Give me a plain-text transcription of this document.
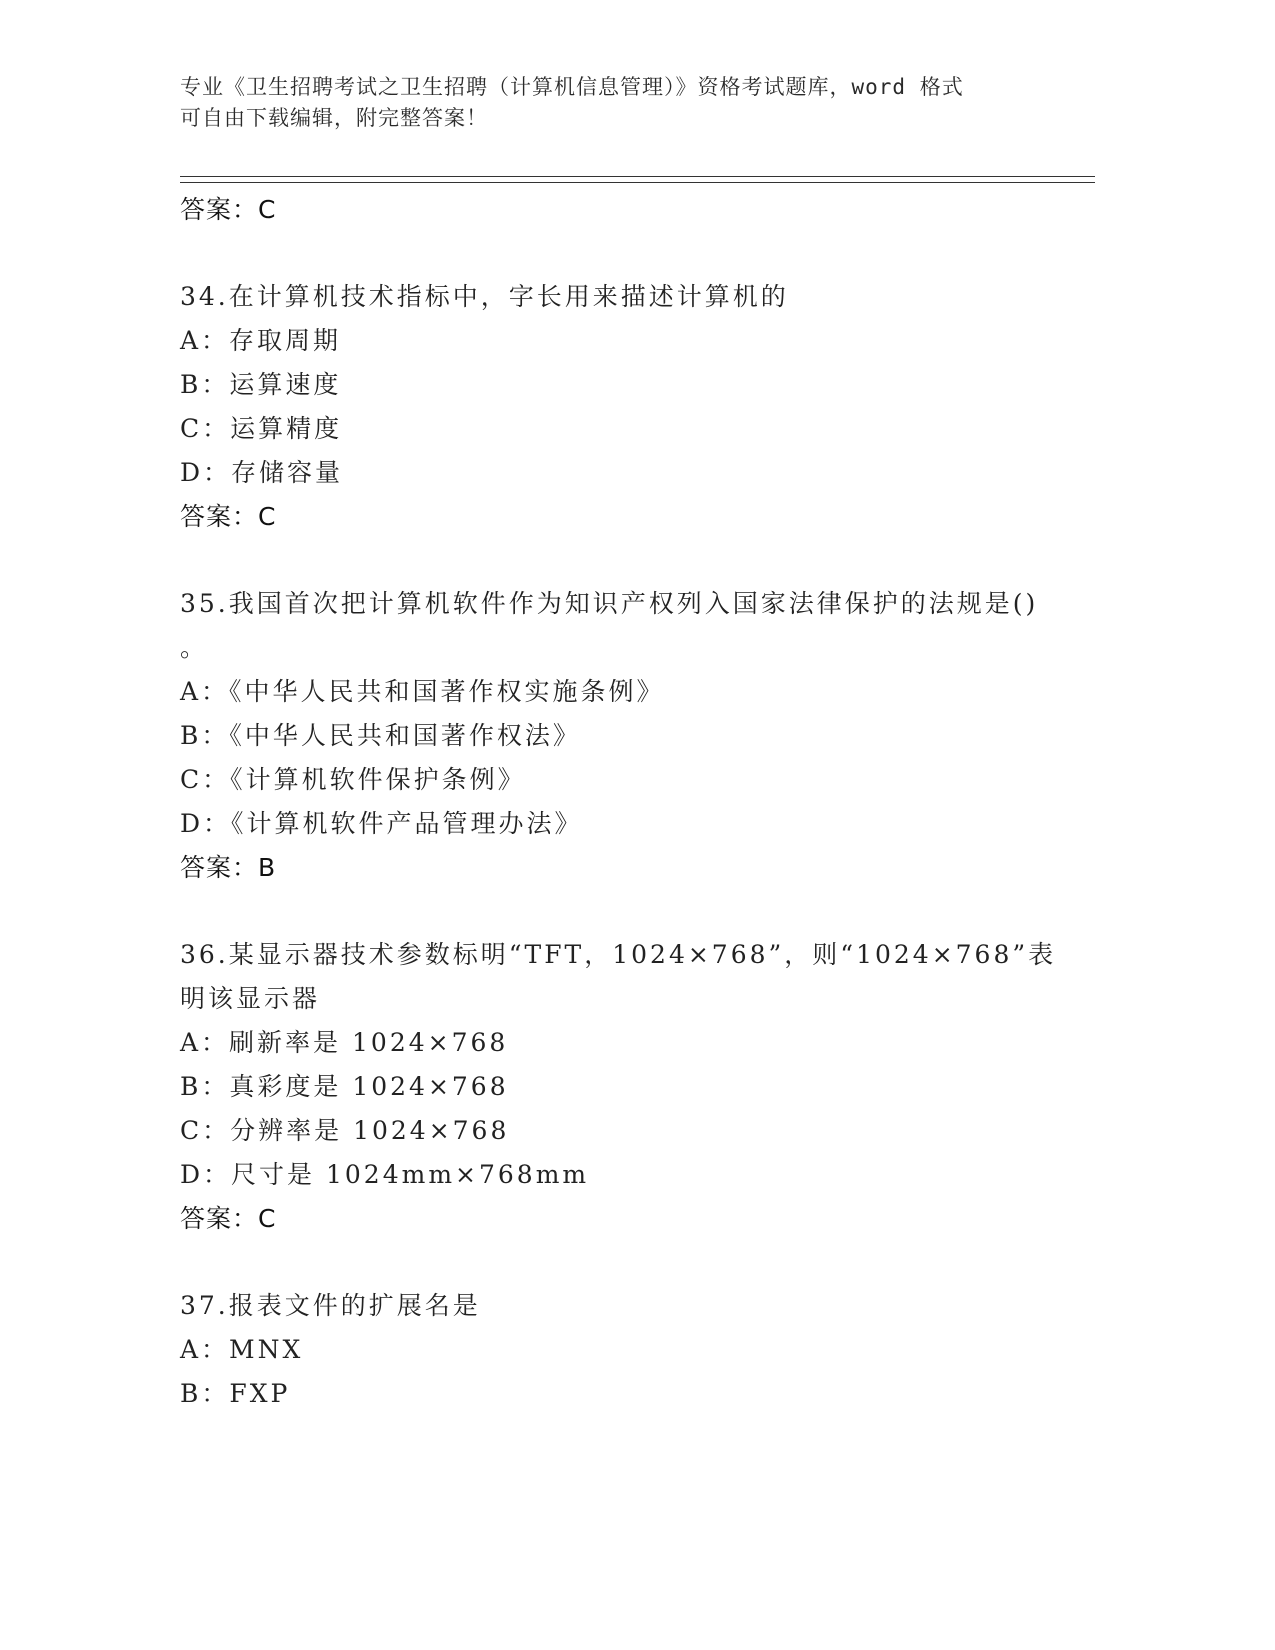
专业《卫生招聘考试之卫生招聘（计算机信息管理）》资格考试题库，word 格式
可自由下载编辑，附完整答案！
答案：C
34.在计算机技术指标中，字长用来描述计算机的
A：存取周期
B：运算速度
C：运算精度
D：存储容量
答案：C
35.我国首次把计算机软件作为知识产权列入国家法律保护的法规是()
。
A：《中华人民共和国著作权实施条例》
B：《中华人民共和国著作权法》
C：《计算机软件保护条例》
D：《计算机软件产品管理办法》
答案：B
36.某显示器技术参数标明“TFT，1024×768”，则“1024×768”表
明该显示器
A：刷新率是 1024×768
B：真彩度是 1024×768
C：分辨率是 1024×768
D：尺寸是 1024mm×768mm
答案：C
37.报表文件的扩展名是
A：MNX
B：FXP
